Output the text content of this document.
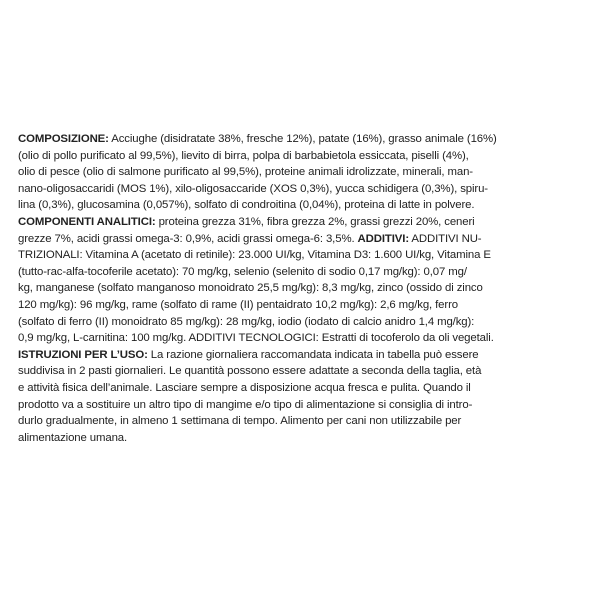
COMPOSIZIONE: Acciughe (disidratate 38%, fresche 12%), patate (16%), grasso animale (16%)
(olio di pollo purificato al 99,5%), lievito di birra, polpa di barbabietola essiccata, piselli (4%),
olio di pesce (olio di salmone purificato al 99,5%), proteine animali idrolizzate, minerali, man-
nano-oligosaccaridi (MOS 1%), xilo-oligosaccaride (XOS 0,3%), yucca schidigera (0,3%), spiru-
lina (0,3%), glucosamina (0,057%), solfato di condroitina (0,04%), proteina di latte in polvere.
COMPONENTI ANALITICI: proteina grezza 31%, fibra grezza 2%, grassi grezzi 20%, ceneri
grezze 7%, acidi grassi omega-3: 0,9%, acidi grassi omega-6: 3,5%. ADDITIVI: ADDITIVI NU-
TRIZIONALI: Vitamina A (acetato di retinile): 23.000 UI/kg, Vitamina D3: 1.600 UI/kg, Vitamina E
(tutto-rac-alfa-tocoferile acetato): 70 mg/kg, selenio (selenito di sodio 0,17 mg/kg): 0,07 mg/
kg, manganese (solfato manganoso monoidrato 25,5 mg/kg): 8,3 mg/kg, zinco (ossido di zinco
120 mg/kg): 96 mg/kg, rame (solfato di rame (II) pentaidrato 10,2 mg/kg): 2,6 mg/kg, ferro
(solfato di ferro (II) monoidrato 85 mg/kg): 28 mg/kg, iodio (iodato di calcio anidro 1,4 mg/kg):
0,9 mg/kg, L-carnitina: 100 mg/kg. ADDITIVI TECNOLOGICI: Estratti di tocoferolo da oli vegetali.
ISTRUZIONI PER L’USO: La razione giornaliera raccomandata indicata in tabella può essere
suddivisa in 2 pasti giornalieri. Le quantità possono essere adattate a seconda della taglia, età
e attività fisica dell’animale. Lasciare sempre a disposizione acqua fresca e pulita. Quando il
prodotto va a sostituire un altro tipo di mangime e/o tipo di alimentazione si consiglia di intro-
durlo gradualmente, in almeno 1 settimana di tempo. Alimento per cani non utilizzabile per
alimentazione umana.
